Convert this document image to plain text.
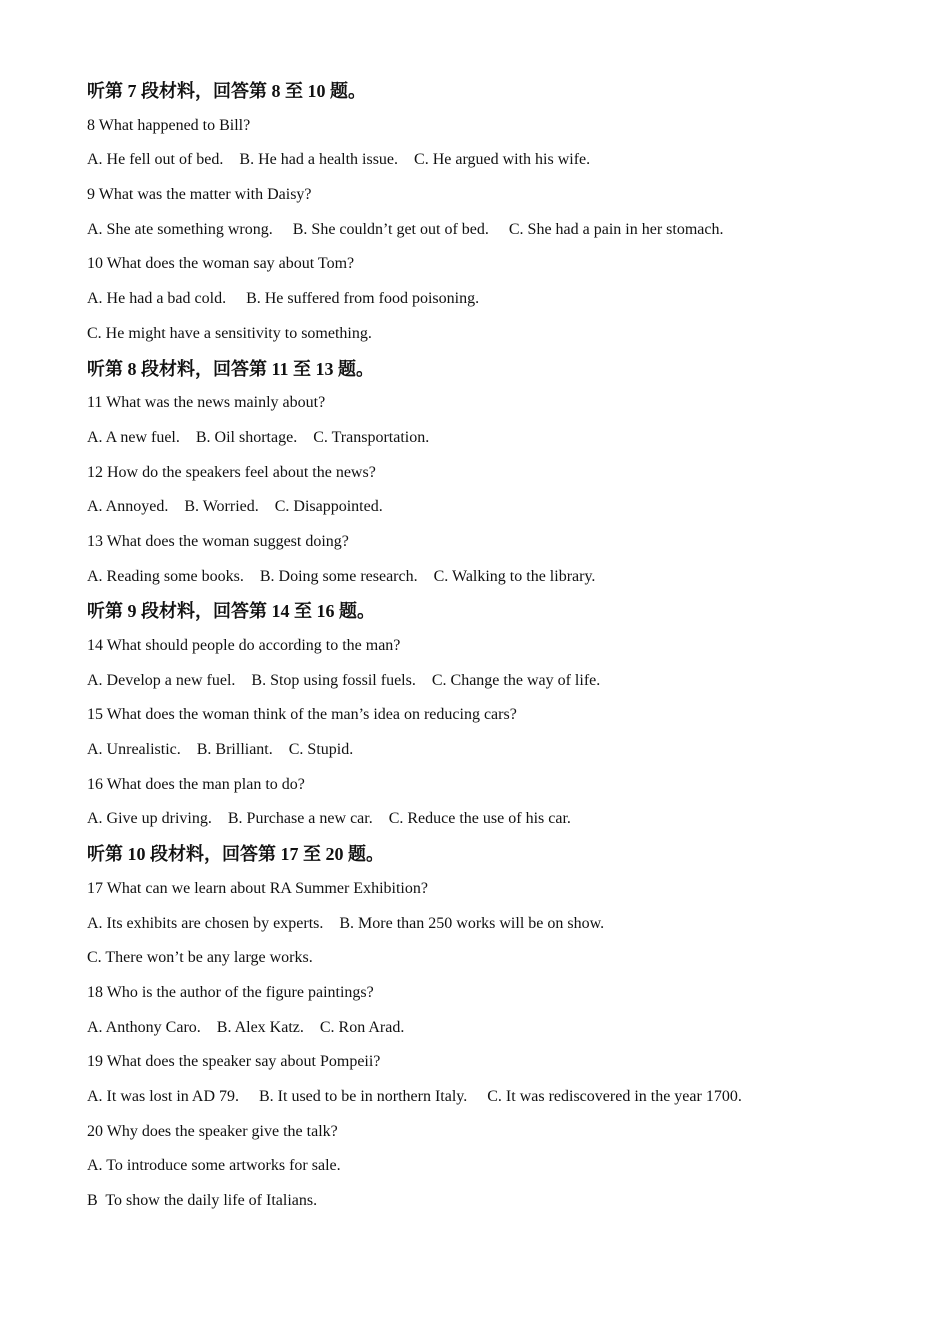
听第 7 段材料，回答第 8 至 10 题。
8 What happened to Bill?
A. He fell out of bed.    B. He had a health issue.    C. He argued with his wife.
9 What was the matter with Daisy?
A. She ate something wrong.     B. She couldn’t get out of bed.     C. She had a pain in her stomach.
10 What does the woman say about Tom?
A. He had a bad cold.     B. He suffered from food poisoning.
C. He might have a sensitivity to something.
听第 8 段材料，回答第 11 至 13 题。
11 What was the news mainly about?
A. A new fuel.    B. Oil shortage.    C. Transportation.
12 How do the speakers feel about the news?
A. Annoyed.    B. Worried.    C. Disappointed.
13 What does the woman suggest doing?
A. Reading some books.    B. Doing some research.    C. Walking to the library.
听第 9 段材料，回答第 14 至 16 题。
14 What should people do according to the man?
A. Develop a new fuel.    B. Stop using fossil fuels.    C. Change the way of life.
15 What does the woman think of the man’s idea on reducing cars?
A. Unrealistic.    B. Brilliant.    C. Stupid.
16 What does the man plan to do?
A. Give up driving.    B. Purchase a new car.    C. Reduce the use of his car.
听第 10 段材料，回答第 17 至 20 题。
17 What can we learn about RA Summer Exhibition?
A. Its exhibits are chosen by experts.    B. More than 250 works will be on show.
C. There won’t be any large works.
18 Who is the author of the figure paintings?
A. Anthony Caro.    B. Alex Katz.    C. Ron Arad.
19 What does the speaker say about Pompeii?
A. It was lost in AD 79.     B. It used to be in northern Italy.     C. It was rediscovered in the year 1700.
20 Why does the speaker give the talk?
A. To introduce some artworks for sale.
B  To show the daily life of Italians.
